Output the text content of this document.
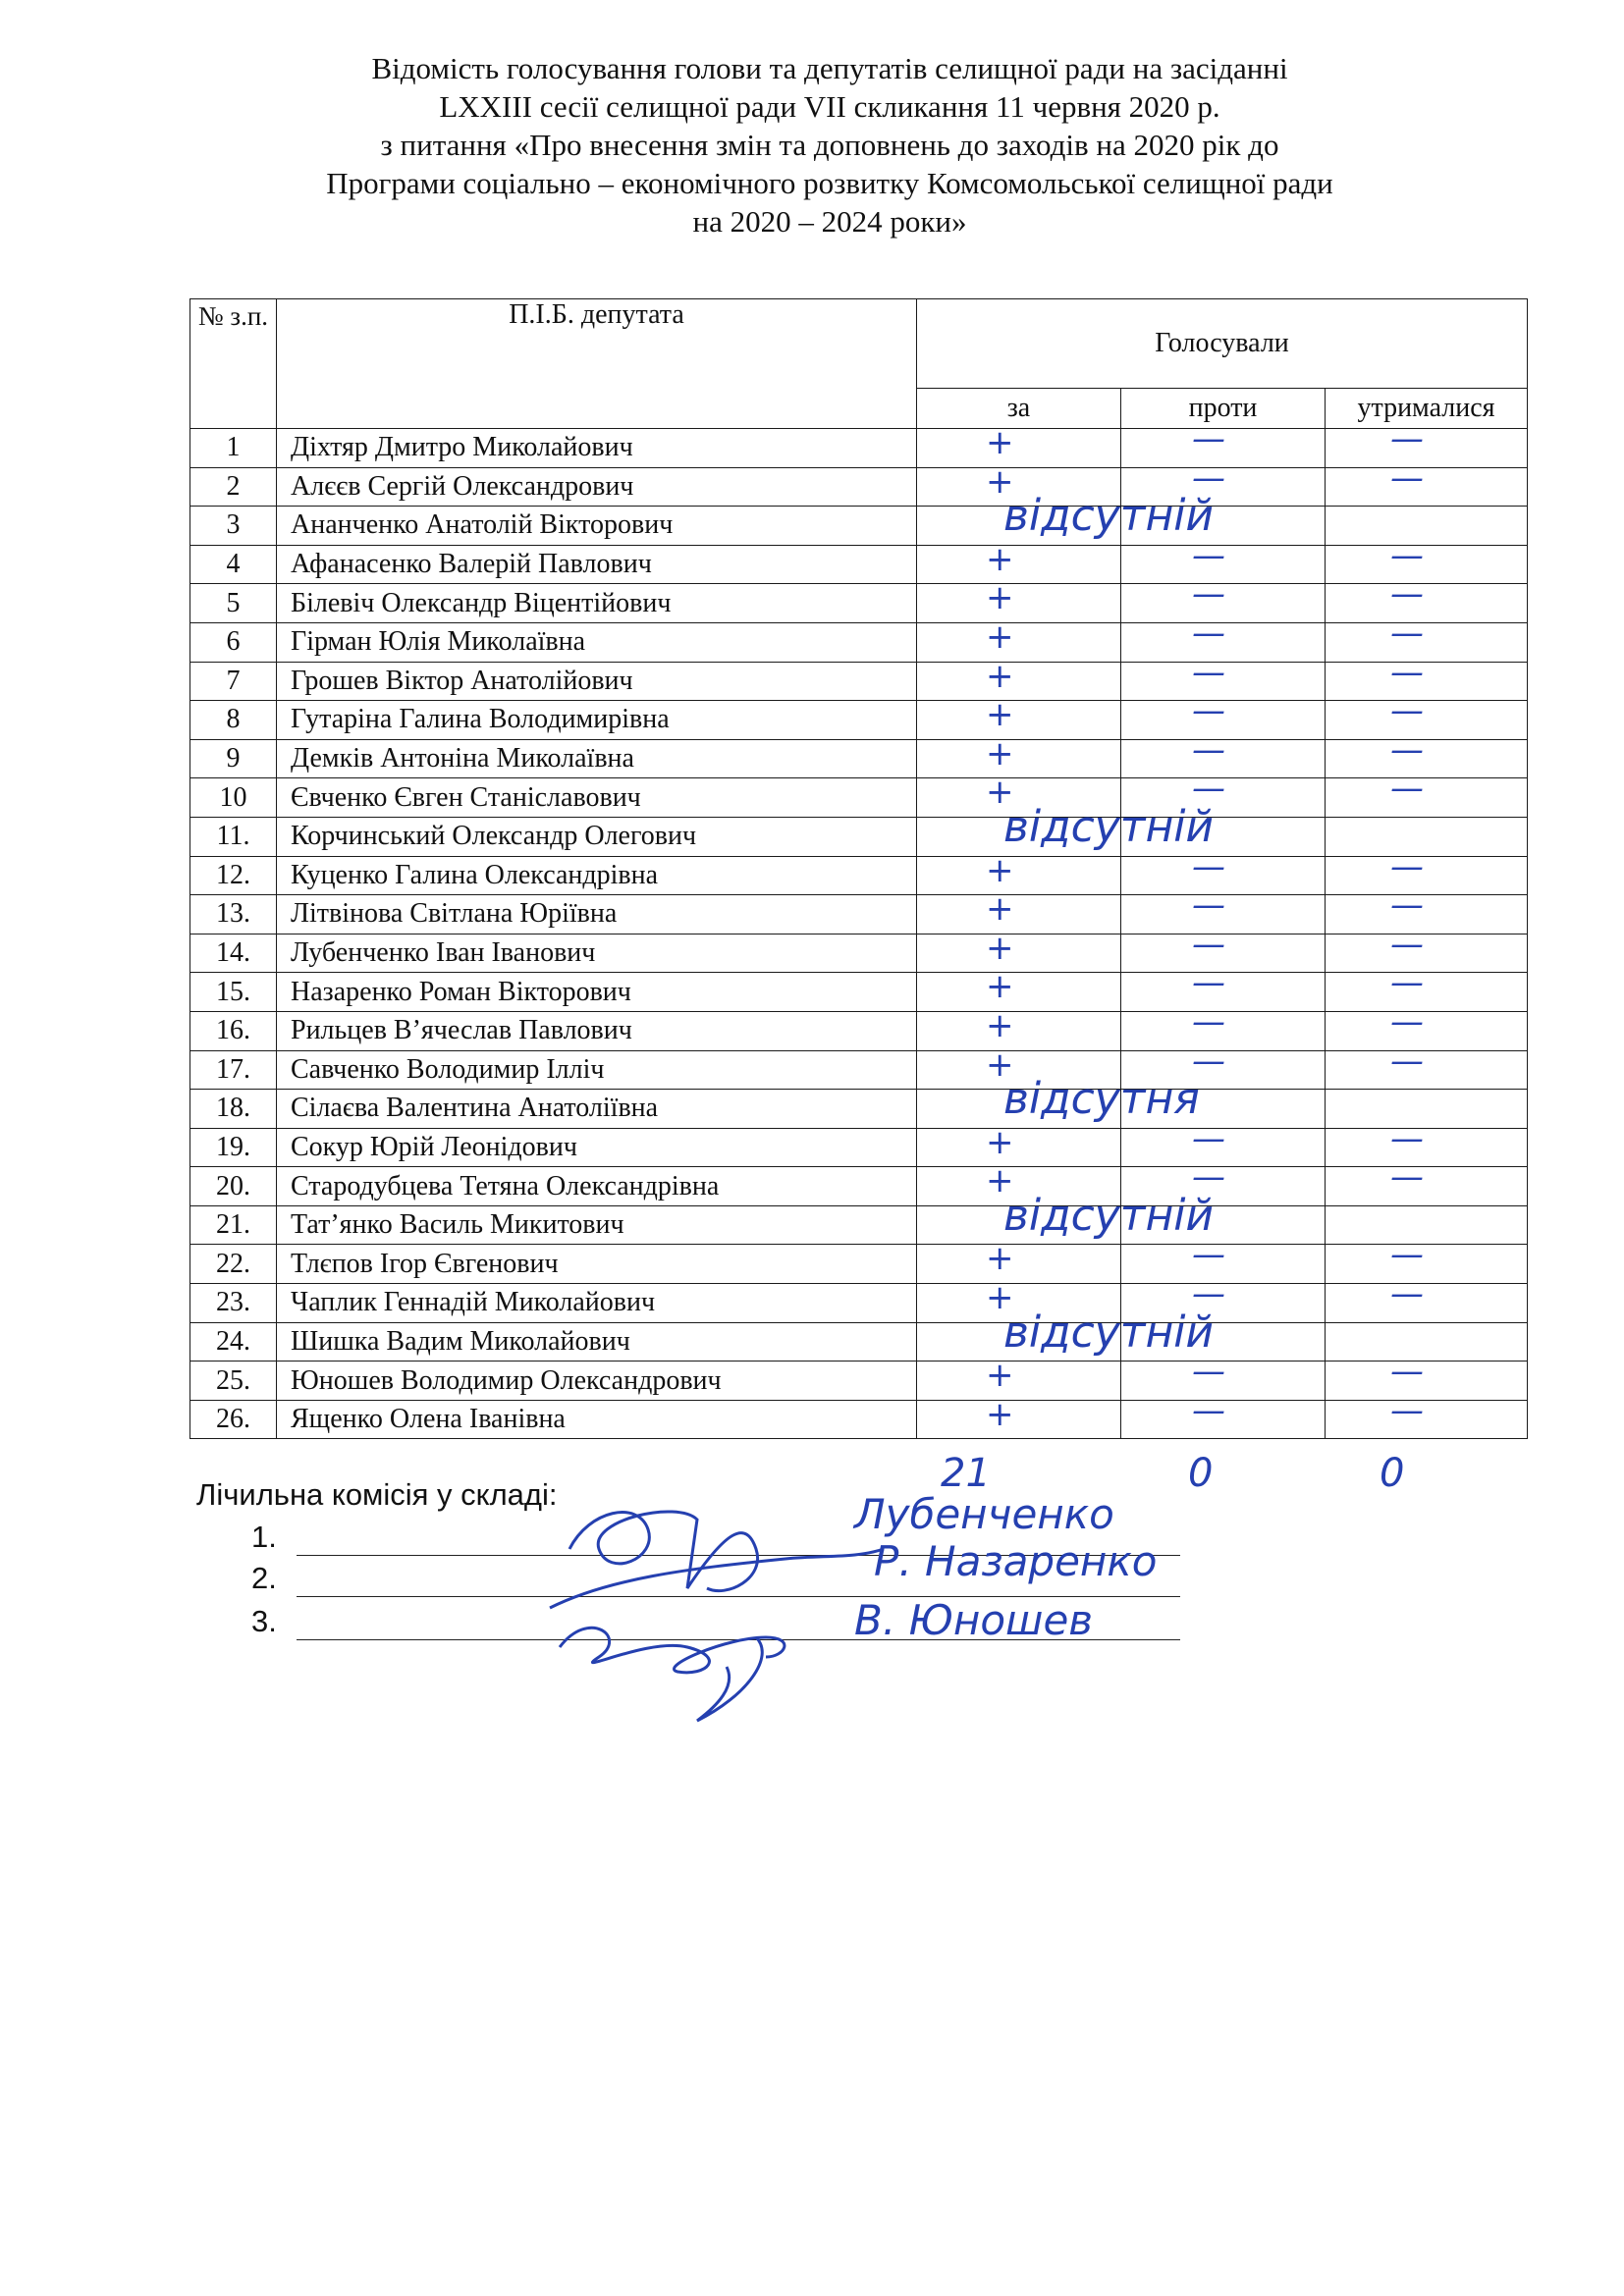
Відомість голосування голови та депутатів селищної ради на засіданні
LXXIII сесії селищної ради VII скликання 11 червня 2020 р.
з питання «Про внесення змін та доповнень до заходів на 2020 рік до
Програми соціально – економічного розвитку Комсомольської селищної ради
на 2020 – 2024 роки»
№ з.п.	П.І.Б. депутата	Голосували		
		за	проти	утрималися
1	Діхтяр Дмитро Миколайович	+	—	—

2	Алєєв Сергій Олександрович	+	—	—

3	Ананченко Анатолій Вікторович		відсутній	

4	Афанасенко Валерій Павлович	+	—	—

5	Білевіч Олександр Віцентійович	+	—	—

6	Гірман Юлія Миколаївна	+	—	—

7	Грошев Віктор Анатолійович	+	—	—

8	Гутаріна Галина Володимирівна	+	—	—

9	Демків Антоніна Миколаївна	+	—	—

10	Євченко Євген Станіславович	+	—	—

11.	Корчинський Олександр Олегович		відсутній	

12.	Куценко Галина Олександрівна	+	—	—

13.	Літвінова Світлана Юріївна	+	—	—

14.	Лубенченко Іван Іванович	+	—	—

15.	Назаренко Роман Вікторович	+	—	—

16.	Рильцев В’ячеслав Павлович	+	—	—

17.	Савченко Володимир Ілліч	+	—	—

18.	Сілаєва Валентина Анатоліївна		відсутня	

19.	Сокур Юрій Леонідович	+	—	—

20.	Стародубцева Тетяна Олександрівна	+	—	—

21.	Тат’янко Василь Микитович		відсутній	

22.	Тлєпов Ігор Євгенович	+	—	—

23.	Чаплик Геннадій Миколайович	+	—	—

24.	Шишка Вадим Миколайович		відсутній	

25.	Юношев Володимир Олександрович	+	—	—

26.	Ященко Олена Іванівна	+	—	—
21	0	0
Лічильна комісія у складі:
1.
2.
3.
Лубенченко
Р. Назаренко
В. Юношев
